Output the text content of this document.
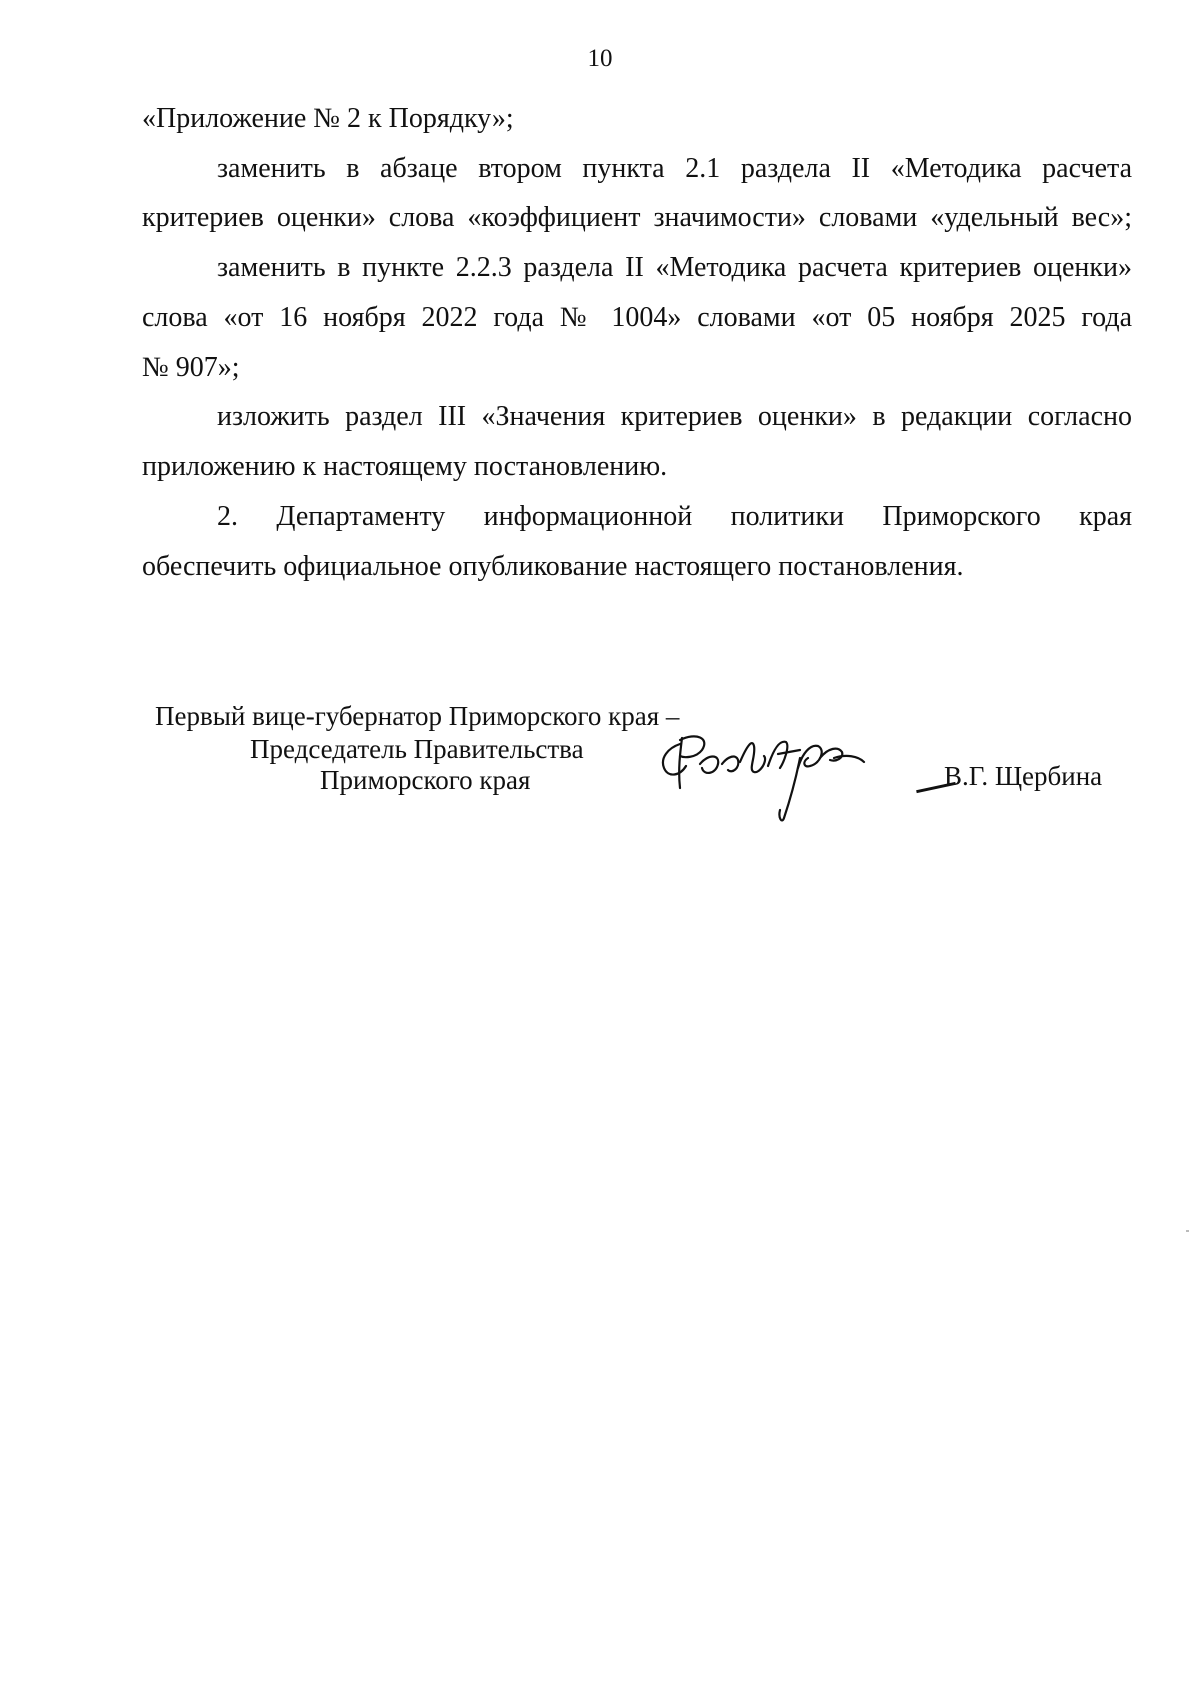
10
«Приложение № 2 к Порядку»;
заменить в абзаце втором пункта 2.1 раздела II «Методика расчета
критериев оценки» слова «коэффициент значимости» словами «удельный вес»;
заменить в пункте 2.2.3 раздела II «Методика расчета критериев оценки»
слова «от 16 ноября 2022 года № 1004» словами «от 05 ноября 2025 года
№ 907»;
изложить раздел III «Значения критериев оценки» в редакции согласно
приложению к настоящему постановлению.
2. Департаменту информационной политики Приморского края
обеспечить официальное опубликование настоящего постановления.
Первый вице-губернатор Приморского края –
Председатель Правительства
Приморского края	В.Г. Щербина
